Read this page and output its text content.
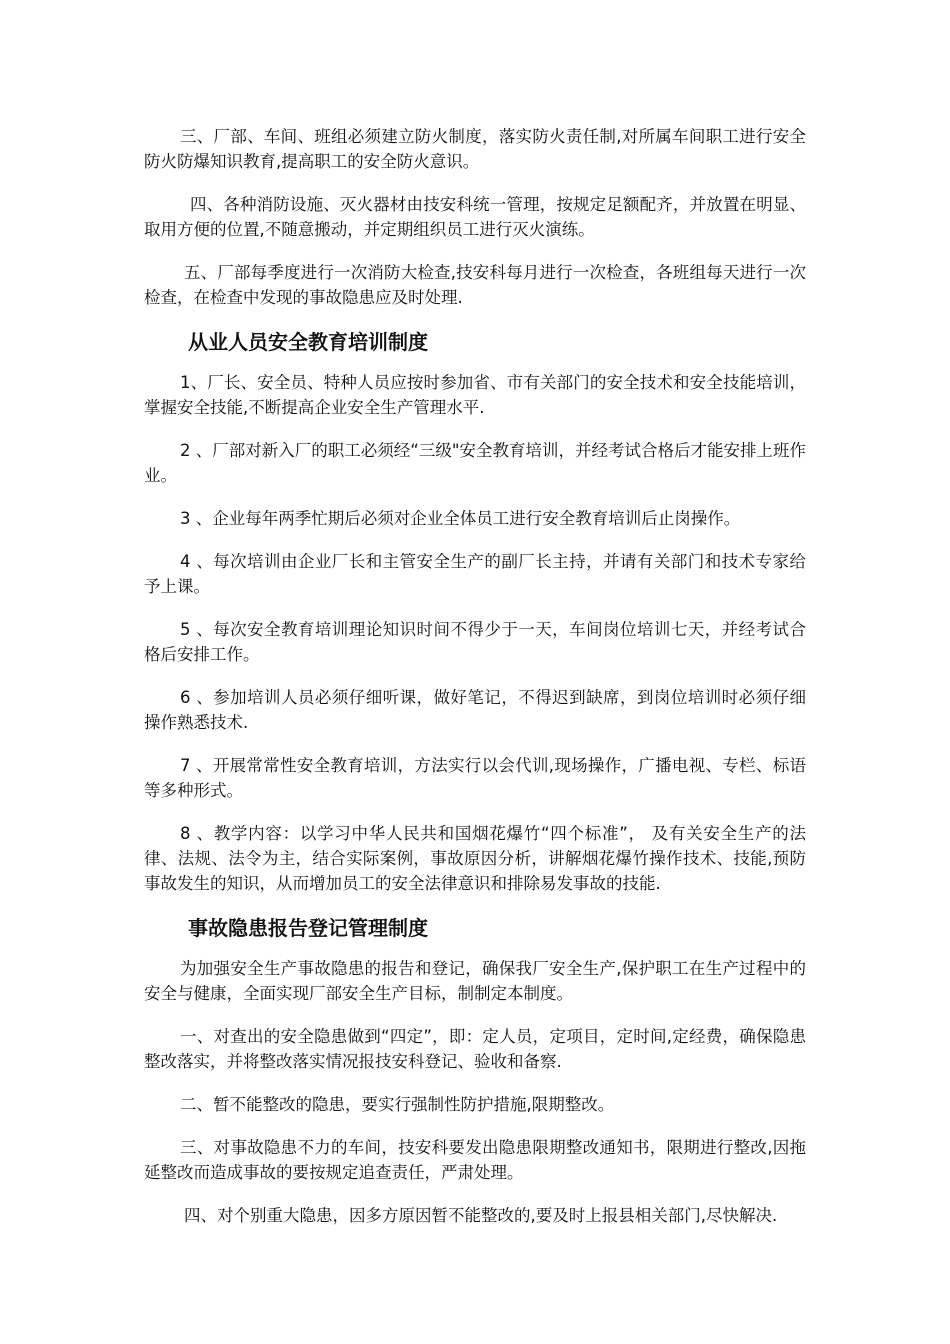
三、厂部、车间、班组必须建立防火制度，落实防火责任制,对所属车间职工进行安全防火防爆知识教育,提高职工的安全防火意识。

四、各种消防设施、灭火器材由技安科统一管理，按规定足额配齐，并放置在明显、取用方便的位置,不随意搬动，并定期组织员工进行灭火演练。

五、厂部每季度进行一次消防大检查,技安科每月进行一次检查，各班组每天进行一次检查，在检查中发现的事故隐患应及时处理.

从业人员安全教育培训制度

1、厂长、安全员、特种人员应按时参加省、市有关部门的安全技术和安全技能培训，掌握安全技能,不断提高企业安全生产管理水平.

2 、厂部对新入厂的职工必须经“三级"安全教育培训，并经考试合格后才能安排上班作业。

3 、企业每年两季忙期后必须对企业全体员工进行安全教育培训后止岗操作。

4 、每次培训由企业厂长和主管安全生产的副厂长主持，并请有关部门和技术专家给予上课。

5 、每次安全教育培训理论知识时间不得少于一天，车间岗位培训七天，并经考试合格后安排工作。

6 、参加培训人员必须仔细听课，做好笔记，不得迟到缺席，到岗位培训时必须仔细操作熟悉技术.

7 、开展常常性安全教育培训，方法实行以会代训,现场操作，广播电视、专栏、标语等多种形式。

8 、教学内容：以学习中华人民共和国烟花爆竹“四个标准”， 及有关安全生产的法律、法规、法令为主，结合实际案例，事故原因分析，讲解烟花爆竹操作技术、技能,预防事故发生的知识，从而增加员工的安全法律意识和排除易发事故的技能.

事故隐患报告登记管理制度

为加强安全生产事故隐患的报告和登记，确保我厂安全生产,保护职工在生产过程中的安全与健康，全面实现厂部安全生产目标，制制定本制度。

一、对查出的安全隐患做到“四定”，即：定人员，定项目，定时间,定经费，确保隐患整改落实，并将整改落实情况报技安科登记、验收和备察.

二、暂不能整改的隐患，要实行强制性防护措施,限期整改。

三、对事故隐患不力的车间，技安科要发出隐患限期整改通知书，限期进行整改,因拖延整改而造成事故的要按规定追查责任，严肃处理。

四、对个别重大隐患，因多方原因暂不能整改的,要及时上报县相关部门,尽快解决.
